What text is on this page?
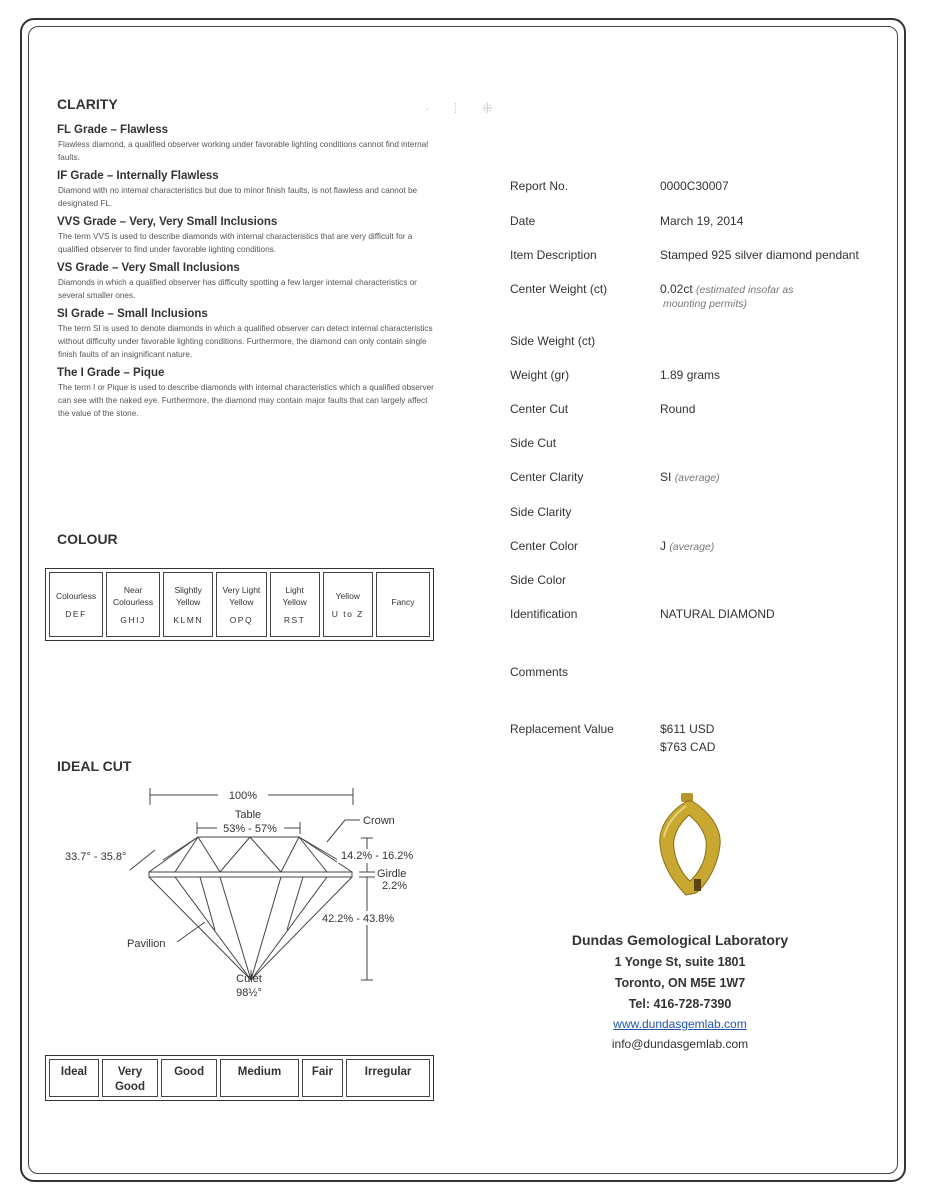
· ⁞ ⁜
CLARITY
FL Grade – Flawless
Flawless diamond, a qualified observer working under favorable lighting conditions cannot find internal faults.
IF Grade – Internally Flawless
Diamond with no internal characteristics but due to minor finish faults, is not flawless and cannot be designated FL.
VVS Grade – Very, Very Small Inclusions
The term VVS is used to describe diamonds with internal characteristics that are very difficult for a qualified observer to find under favorable lighting conditions.
VS Grade – Very Small Inclusions
Diamonds in which a qualified observer has difficulty spotting a few larger internal characteristics or several smaller ones.
SI Grade – Small Inclusions
The term SI is used to denote diamonds in which a qualified observer can detect internal characteristics without difficulty under favorable lighting conditions. Furthermore, the diamond can only contain single finish faults of an insignificant nature.
The I Grade – Pique
The term I or Pique is used to describe diamonds with internal characteristics which a qualified observer can see with the naked eye. Furthermore, the diamond may contain major faults that can largely affect the value of the stone.
COLOUR
Colourless
DEF
	Near Colourless
GHIJ
	Slightly Yellow
KLMN
	Very Light Yellow
OPQ
	Light Yellow
RST
	Yellow
U to Z
	Fancy
IDEAL CUT
100%
Table
53% - 57%
Crown
33.7° - 35.8°	14.2% - 16.2%
Girdle
2.2%
42.2% - 43.8%
Pavilion
Culet
98½°
Ideal	Very Good	Good	Medium	Fair	Irregular
Report No.	0000C30007
Date	March 19, 2014
Item Description	Stamped 925 silver diamond pendant
Center Weight (ct)	0.02ct (estimated insofar as
mounting permits)
Side Weight (ct)
Weight (gr)	1.89 grams
Center Cut	Round
Side Cut
Center Clarity	SI (average)
Side Clarity
Center Color	J (average)
Side Color
Identification	NATURAL DIAMOND
Comments
Replacement Value	$611 USD
$763 CAD
Dundas Gemological Laboratory
1 Yonge St, suite 1801
Toronto, ON M5E 1W7
Tel: 416-728-7390
www.dundasgemlab.com
info@dundasgemlab.com
